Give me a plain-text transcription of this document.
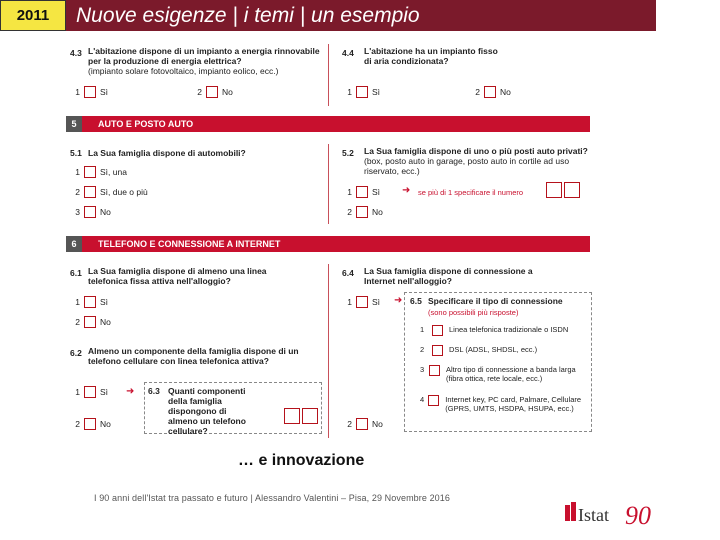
2011	Nuove esigenze | i temi | un esempio
4.3 L'abitazione dispone di un impianto a energia rinnovabile per la produzione di energia elettrica?
(impianto solare fotovoltaico, impianto eolico, ecc.)
1 Sì	2 No
4.4 L'abitazione ha un impianto fisso di aria condizionata?
1 Sì	2 No
5	AUTO E POSTO AUTO
5.1 La Sua famiglia dispone di automobili?
1 Sì, una
2 Sì, due o più
3 No
5.2 La Sua famiglia dispone di uno o più posti auto privati? (box, posto auto in garage, posto auto in cortile ad uso riservato, ecc.)
1 Sì ➜ se più di 1 specificare il numero
2 No
6	TELEFONO E CONNESSIONE A INTERNET
6.1 La Sua famiglia dispone di almeno una linea telefonica fissa attiva nell'alloggio?
1 Sì
2 No
6.2 Almeno un componente della famiglia dispone di un telefono cellulare con linea telefonica attiva?
1 Sì ➜
2 No
6.3 Quanti componenti della famiglia dispongono di almeno un telefono cellulare?
6.4 La Sua famiglia dispone di connessione a Internet nell'alloggio?
1 Sì ➜
2 No
6.5 Specificare il tipo di connessione
(sono possibili più risposte)
1	Linea telefonica tradizionale o ISDN
2	DSL (ADSL, SHDSL, ecc.)
3	Altro tipo di connessione a banda larga (fibra ottica, rete locale, ecc.)
4	Internet key, PC card, Palmare, Cellulare (GPRS, UMTS, HSDPA, HSUPA, ecc.)
… e innovazione
I 90 anni dell'Istat tra passato e futuro | Alessandro Valentini – Pisa, 29 Novembre 2016
Istat 90
